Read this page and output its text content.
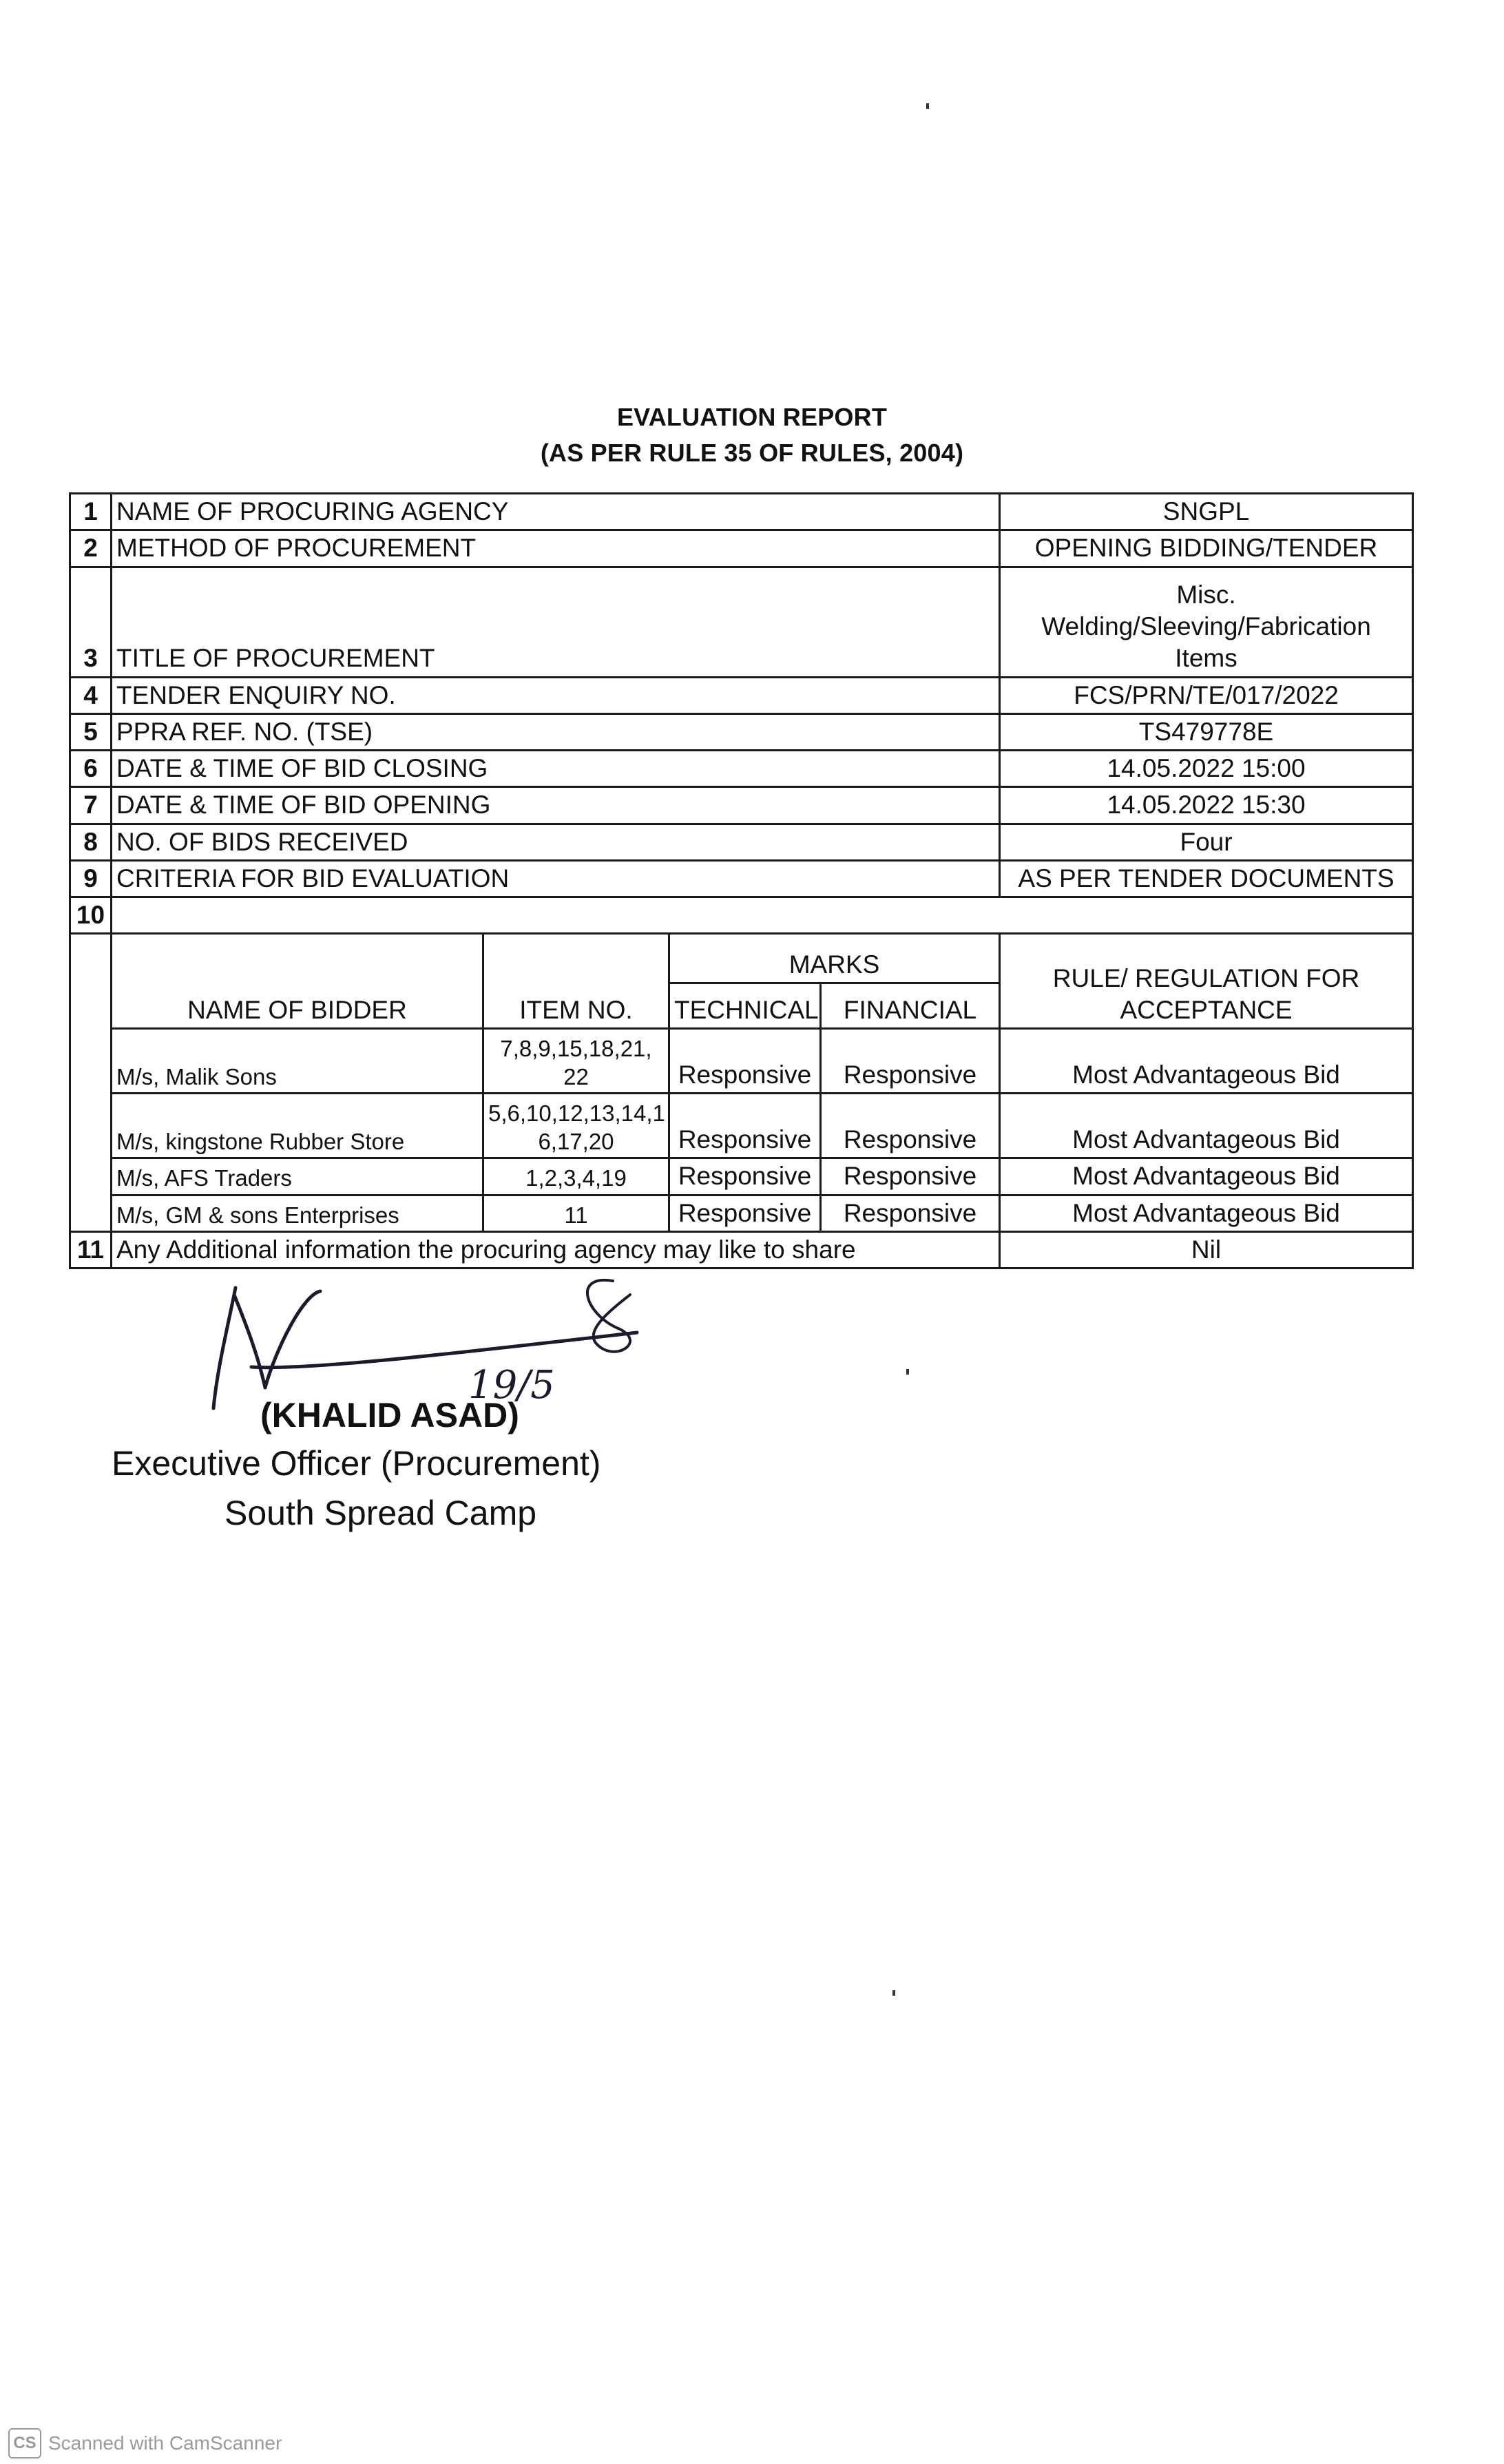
EVALUATION REPORT
(AS PER RULE 35 OF RULES, 2004)
1	NAME OF PROCURING AGENCY				SNGPL
2	METHOD OF PROCUREMENT				OPENING BIDDING/TENDER
3	TITLE OF PROCUREMENT				Misc.
Welding/Sleeving/Fabrication
Items

4	TENDER ENQUIRY NO.				FCS/PRN/TE/017/2022
5	PPRA REF. NO. (TSE)				TS479778E
6	DATE & TIME OF BID CLOSING				14.05.2022 15:00
7	DATE & TIME OF BID OPENING				14.05.2022 15:30
8	NO. OF BIDS RECEIVED				Four
9	CRITERIA FOR BID EVALUATION				AS PER TENDER DOCUMENTS
10					
	NAME OF BIDDER	ITEM NO.	MARKS		RULE/ REGULATION FOR
ACCEPTANCE

			TECHNICAL	FINANCIAL	
	M/s, Malik Sons	7,8,9,15,18,21,
22	Responsive	Responsive	Most Advantageous Bid
	M/s, kingstone Rubber Store	5,6,10,12,13,14,1
6,17,20	Responsive	Responsive	Most Advantageous Bid
	M/s, AFS Traders	1,2,3,4,19	Responsive	Responsive	Most Advantageous Bid
	M/s, GM & sons Enterprises	11	Responsive	Responsive	Most Advantageous Bid
11	Any Additional information the procuring agency may like to share				Nil
19/5
(KHALID ASAD)
Executive Officer (Procurement)
South Spread Camp
CS Scanned with CamScanner
